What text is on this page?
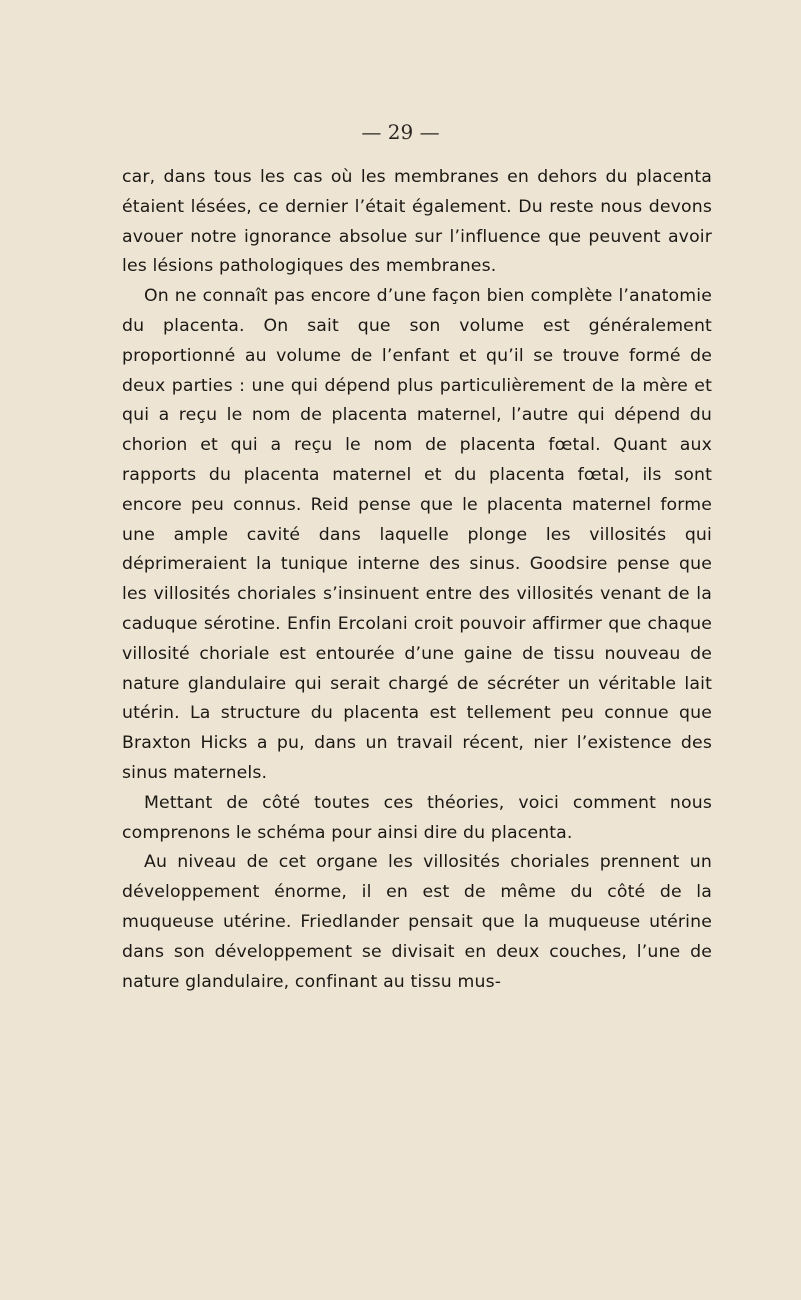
— 29 —

car, dans tous les cas où les membranes en dehors du placenta étaient lésées, ce dernier l’était également. Du reste nous devons avouer notre ignorance absolue sur l’influence que peuvent avoir les lésions pathologiques des membranes.

On ne connaît pas encore d’une façon bien complète l’anatomie du placenta. On sait que son volume est généralement proportionné au volume de l’enfant et qu’il se trouve formé de deux parties : une qui dépend plus particulièrement de la mère et qui a reçu le nom de placenta maternel, l’autre qui dépend du chorion et qui a reçu le nom de placenta fœtal. Quant aux rapports du placenta maternel et du placenta fœtal, ils sont encore peu connus. Reid pense que le placenta maternel forme une ample cavité dans laquelle plonge les villosités qui déprimeraient la tunique interne des sinus. Goodsire pense que les villosités choriales s’insinuent entre des villosités venant de la caduque sérotine. Enfin Ercolani croit pouvoir affirmer que chaque villosité choriale est entourée d’une gaine de tissu nouveau de nature glandulaire qui serait chargé de sécréter un véritable lait utérin. La structure du placenta est tellement peu connue que Braxton Hicks a pu, dans un travail récent, nier l’existence des sinus maternels.

Mettant de côté toutes ces théories, voici comment nous comprenons le schéma pour ainsi dire du placenta.

Au niveau de cet organe les villosités choriales prennent un développement énorme, il en est de même du côté de la muqueuse utérine. Friedlander pensait que la muqueuse utérine dans son développement se divisait en deux couches, l’une de nature glandulaire, confinant au tissu mus-
